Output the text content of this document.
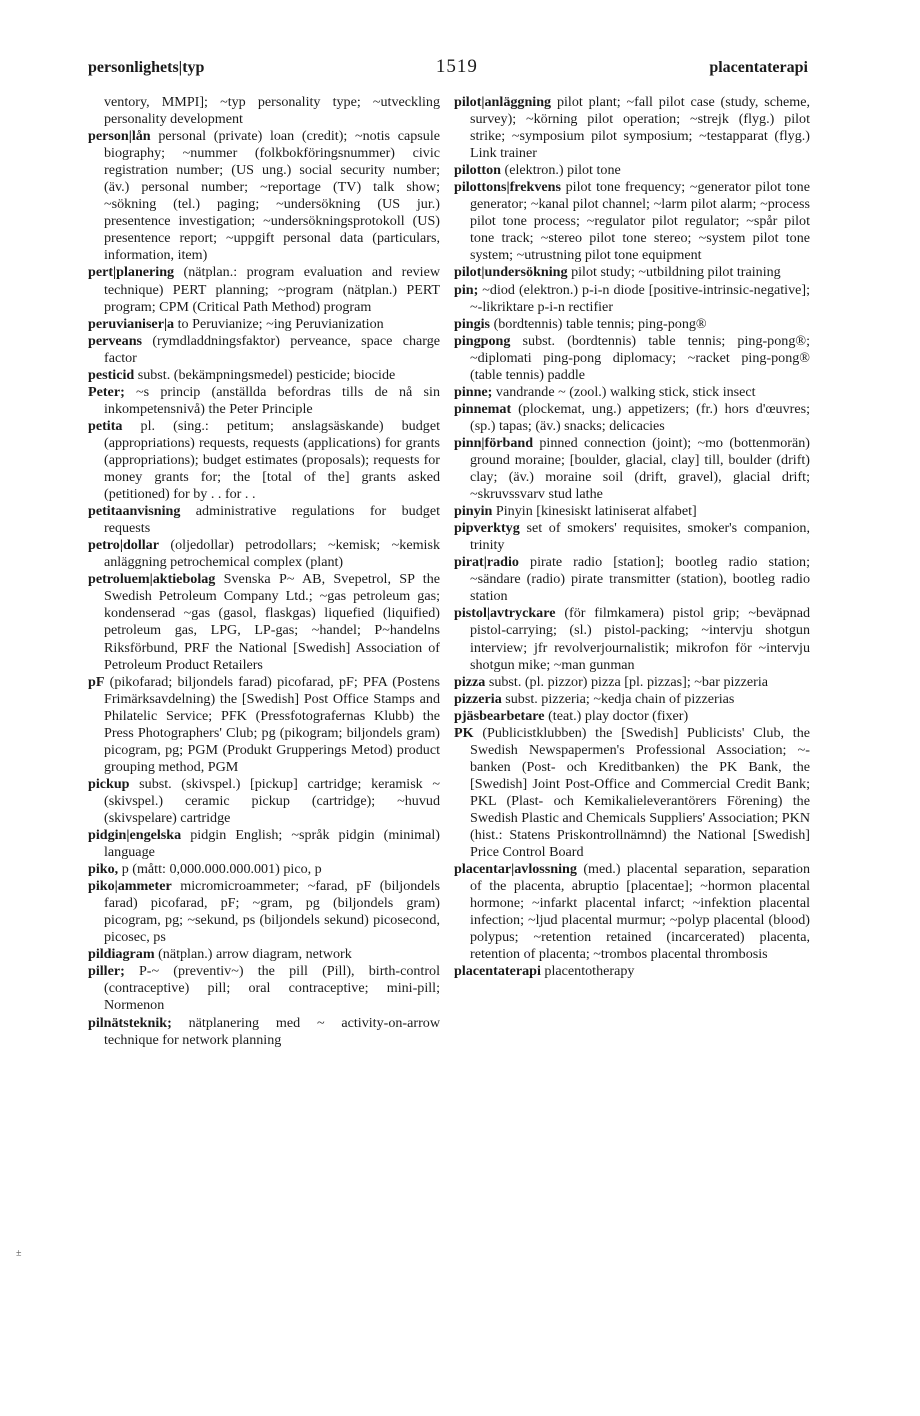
personlighets|typ	1519	placentaterapi
ventory, MMPI]; ~typ personality type; ~utveckling personality development
person|lån personal (private) loan (credit); ~notis capsule biography; ~nummer (folkbokföringsnummer) civic registration number; (US ung.) social security number; (äv.) personal number; ~reportage (TV) talk show; ~sökning (tel.) paging; ~undersökning (US jur.) presentence investigation; ~undersökningsprotokoll (US) presentence report; ~uppgift personal data (particulars, information, item)
pert|planering (nätplan.: program evaluation and review technique) PERT planning; ~program (nätplan.) PERT program; CPM (Critical Path Method) program
peruvianiser|a to Peruvianize; ~ing Peruvianization
perveans (rymdladdningsfaktor) perveance, space charge factor
pesticid subst. (bekämpningsmedel) pesticide; biocide
Peter; ~s princip (anställda befordras tills de nå sin inkompetensnivå) the Peter Principle
petita pl. (sing.: petitum; anslagsäskande) budget (appropriations) requests, requests (applications) for grants (appropriations); budget estimates (proposals); requests for money grants for; the [total of the] grants asked (petitioned) for by . . for . .
petitaanvisning administrative regulations for budget requests
petro|dollar (oljedollar) petrodollars; ~kemisk; ~kemisk anläggning petrochemical complex (plant)
petroluem|aktiebolag Svenska P~ AB, Svepetrol, SP the Swedish Petroleum Company Ltd.; ~gas petroleum gas; kondenserad ~gas (gasol, flaskgas) liquefied (liquified) petroleum gas, LPG, LP-gas; ~handel; P~handelns Riksförbund, PRF the National [Swedish] Association of Petroleum Product Retailers
pF (pikofarad; biljondels farad) picofarad, pF; PFA (Postens Frimärksavdelning) the [Swedish] Post Office Stamps and Philatelic Service; PFK (Pressfotografernas Klubb) the Press Photographers' Club; pg (pikogram; biljondels gram) picogram, pg; PGM (Produkt Grupperings Metod) product grouping method, PGM
pickup subst. (skivspel.) [pickup] cartridge; keramisk ~ (skivspel.) ceramic pickup (cartridge); ~huvud (skivspelare) cartridge
pidgin|engelska pidgin English; ~språk pidgin (minimal) language
piko, p (mått: 0,000.000.000.001) pico, p
piko|ammeter micromicroammeter; ~farad, pF (biljondels farad) picofarad, pF; ~gram, pg (biljondels gram) picogram, pg; ~sekund, ps (biljondels sekund) picosecond, picosec, ps
pildiagram (nätplan.) arrow diagram, network
piller; P-~ (preventiv~) the pill (Pill), birth-control (contraceptive) pill; oral contraceptive; mini-pill; Normenon
pilnätsteknik; nätplanering med ~ activity-on-arrow technique for network planning
pilot|anläggning pilot plant; ~fall pilot case (study, scheme, survey); ~körning pilot operation; ~strejk (flyg.) pilot strike; ~symposium pilot symposium; ~testapparat (flyg.) Link trainer
pilotton (elektron.) pilot tone
pilottons|frekvens pilot tone frequency; ~generator pilot tone generator; ~kanal pilot channel; ~larm pilot alarm; ~process pilot tone process; ~regulator pilot regulator; ~spår pilot tone track; ~stereo pilot tone stereo; ~system pilot tone system; ~utrustning pilot tone equipment
pilot|undersökning pilot study; ~utbildning pilot training
pin; ~diod (elektron.) p-i-n diode [positive-intrinsic-negative]; ~-likriktare p-i-n rectifier
pingis (bordtennis) table tennis; ping-pong®
pingpong subst. (bordtennis) table tennis; ping-pong®; ~diplomati ping-pong diplomacy; ~racket ping-pong® (table tennis) paddle
pinne; vandrande ~ (zool.) walking stick, stick insect
pinnemat (plockemat, ung.) appetizers; (fr.) hors d'œuvres; (sp.) tapas; (äv.) snacks; delicacies
pinn|förband pinned connection (joint); ~mo (bottenmorän) ground moraine; [boulder, glacial, clay] till, boulder (drift) clay; (äv.) moraine soil (drift, gravel), glacial drift; ~skruvssvarv stud lathe
pinyin Pinyin [kinesiskt latiniserat alfabet]
pipverktyg set of smokers' requisites, smoker's companion, trinity
pirat|radio pirate radio [station]; bootleg radio station; ~sändare (radio) pirate transmitter (station), bootleg radio station
pistol|avtryckare (för filmkamera) pistol grip; ~beväpnad pistol-carrying; (sl.) pistol-packing; ~intervju shotgun interview; jfr revolverjournalistik; mikrofon för ~intervju shotgun mike; ~man gunman
pizza subst. (pl. pizzor) pizza [pl. pizzas]; ~bar pizzeria
pizzeria subst. pizzeria; ~kedja chain of pizzerias
pjäsbearbetare (teat.) play doctor (fixer)
PK (Publicistklubben) the [Swedish] Publicists' Club, the Swedish Newspapermen's Professional Association; ~-banken (Post- och Kreditbanken) the PK Bank, the [Swedish] Joint Post-Office and Commercial Credit Bank; PKL (Plast- och Kemikalieleverantörers Förening) the Swedish Plastic and Chemicals Suppliers' Association; PKN (hist.: Statens Priskontrollnämnd) the National [Swedish] Price Control Board
placentar|avlossning (med.) placental separation, separation of the placenta, abruptio [placentae]; ~hormon placental hormone; ~infarkt placental infarct; ~infektion placental infection; ~ljud placental murmur; ~polyp placental (blood) polypus; ~retention retained (incarcerated) placenta, retention of placenta; ~trombos placental thrombosis
placentaterapi placentotherapy
±
